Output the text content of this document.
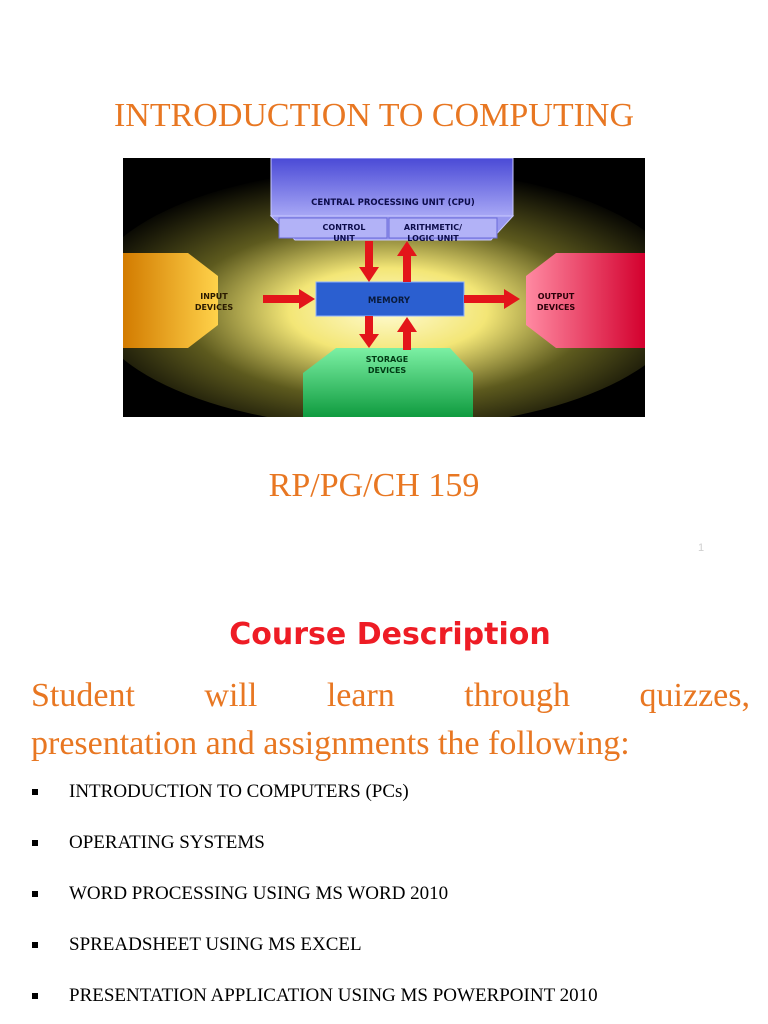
INTRODUCTION TO COMPUTING
CENTRAL PROCESSING UNIT (CPU)
CONTROL
UNIT
ARITHMETIC/
LOGIC UNIT
INPUT
DEVICES
OUTPUT
DEVICES
MEMORY
STORAGE
DEVICES
RP/PG/CH 159
1
Course Description
Student will learn through quizzes,
presentation and assignments the following:
INTRODUCTION TO COMPUTERS (PCs)
OPERATING SYSTEMS
WORD PROCESSING USING MS WORD 2010
SPREADSHEET USING MS EXCEL
PRESENTATION APPLICATION USING MS POWERPOINT 2010
